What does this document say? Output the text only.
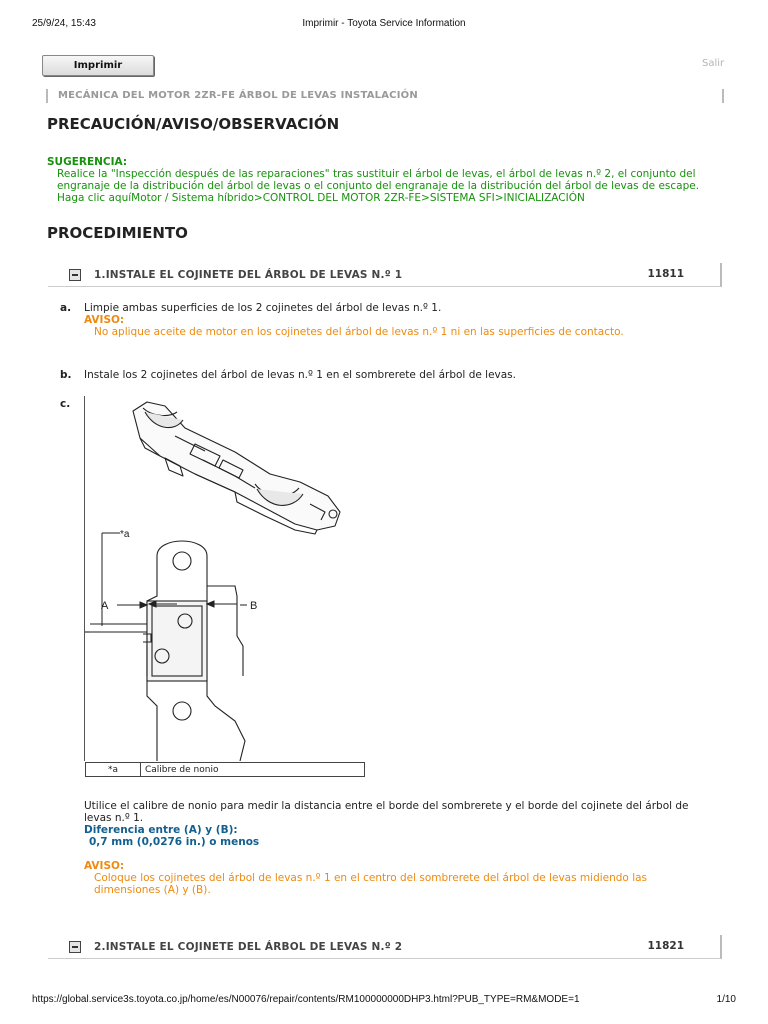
25/9/24, 15:43	Imprimir - Toyota Service Information
Imprimir	Salir
MECÁNICA DEL MOTOR 2ZR-FE ÁRBOL DE LEVAS INSTALACIÓN
PRECAUCIÓN/AVISO/OBSERVACIÓN
SUGERENCIA:
Realice la "Inspección después de las reparaciones" tras sustituir el árbol de levas, el árbol de levas n.º 2, el conjunto del
engranaje de la distribución del árbol de levas o el conjunto del engranaje de la distribución del árbol de levas de escape.
Haga clic aquíMotor / Sistema híbrido>CONTROL DEL MOTOR 2ZR-FE>SISTEMA SFI>INICIALIZACIÓN
PROCEDIMIENTO
1.INSTALE EL COJINETE DEL ÁRBOL DE LEVAS N.º 1	11811
a. Limpie ambas superficies de los 2 cojinetes del árbol de levas n.º 1.
AVISO:
No aplique aceite de motor en los cojinetes del árbol de levas n.º 1 ni en las superficies de contacto.
b. Instale los 2 cojinetes del árbol de levas n.º 1 en el sombrerete del árbol de levas.
c.
*a
A	B
*a	Calibre de nonio
Utilice el calibre de nonio para medir la distancia entre el borde del sombrerete y el borde del cojinete del árbol de
levas n.º 1.
Diferencia entre (A) y (B):
0,7 mm (0,0276 in.) o menos
AVISO:
Coloque los cojinetes del árbol de levas n.º 1 en el centro del sombrerete del árbol de levas midiendo las
dimensiones (A) y (B).
2.INSTALE EL COJINETE DEL ÁRBOL DE LEVAS N.º 2	11821
https://global.service3s.toyota.co.jp/home/es/N00076/repair/contents/RM100000000DHP3.html?PUB_TYPE=RM&MODE=1	1/10
